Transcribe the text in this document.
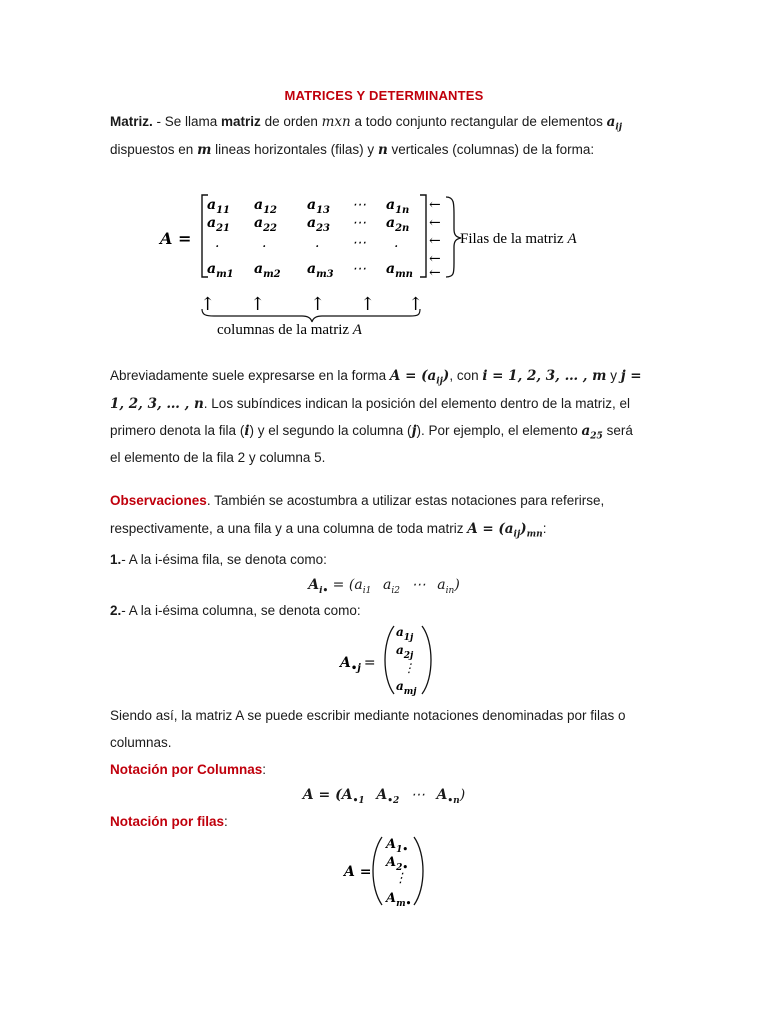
MATRICES Y DETERMINANTES
Matriz. - Se llama matriz de orden mxn a todo conjunto rectangular de elementos $a_{ij}$
dispuestos en m lineas horizontales (filas) y n verticales (columnas) de la forma:
A =
$a_{11}$ $a_{12}$ $a_{13}$ ⋯ $a_{1n}$
$a_{21}$ $a_{22}$ $a_{23}$ ⋯ $a_{2n}$
.	.	. ⋯ .
$a_{m1}$ $a_{m2}$ $a_{m3}$ ⋯ $a_{mn}$
←
←
←
←
←
Filas de la matriz A
↑ ↑ ↑ ↑ ↑
columnas de la matriz A
Abreviadamente suele expresarse en la forma $A = (a_{ij})$, con i = 1, 2, 3, … , m y j =
1, 2, 3, … , n. Los subíndices indican la posición del elemento dentro de la matriz, el
primero denota la fila (i) y el segundo la columna (j). Por ejemplo, el elemento $a_{25}$ será
el elemento de la fila 2 y columna 5.
Observaciones. También se acostumbra a utilizar estas notaciones para referirse,
respectivamente, a una fila y a una columna de toda matriz $A = (a_{ij})_{mn}$:
1.- A la i-ésima fila, se denota como:
$A_{i•} = (a_{i1}$ $a_{i2}$ ⋯ $a_{in}$)
2.- A la i-ésima columna, se denota como:
$A_{•j}$ =
$a_{1j}$
$a_{2j}$
⋮
$a_{mj}$
Siendo así, la matriz A se puede escribir mediante notaciones denominadas por filas o
columnas.
Notación por Columnas:
$A = (A_{•1}$ $A_{•2}$ ⋯ $A_{•n}$)
Notación por filas:
A =
$A_{1•}$
$A_{2•}$
⋮
$A_{m•}$
